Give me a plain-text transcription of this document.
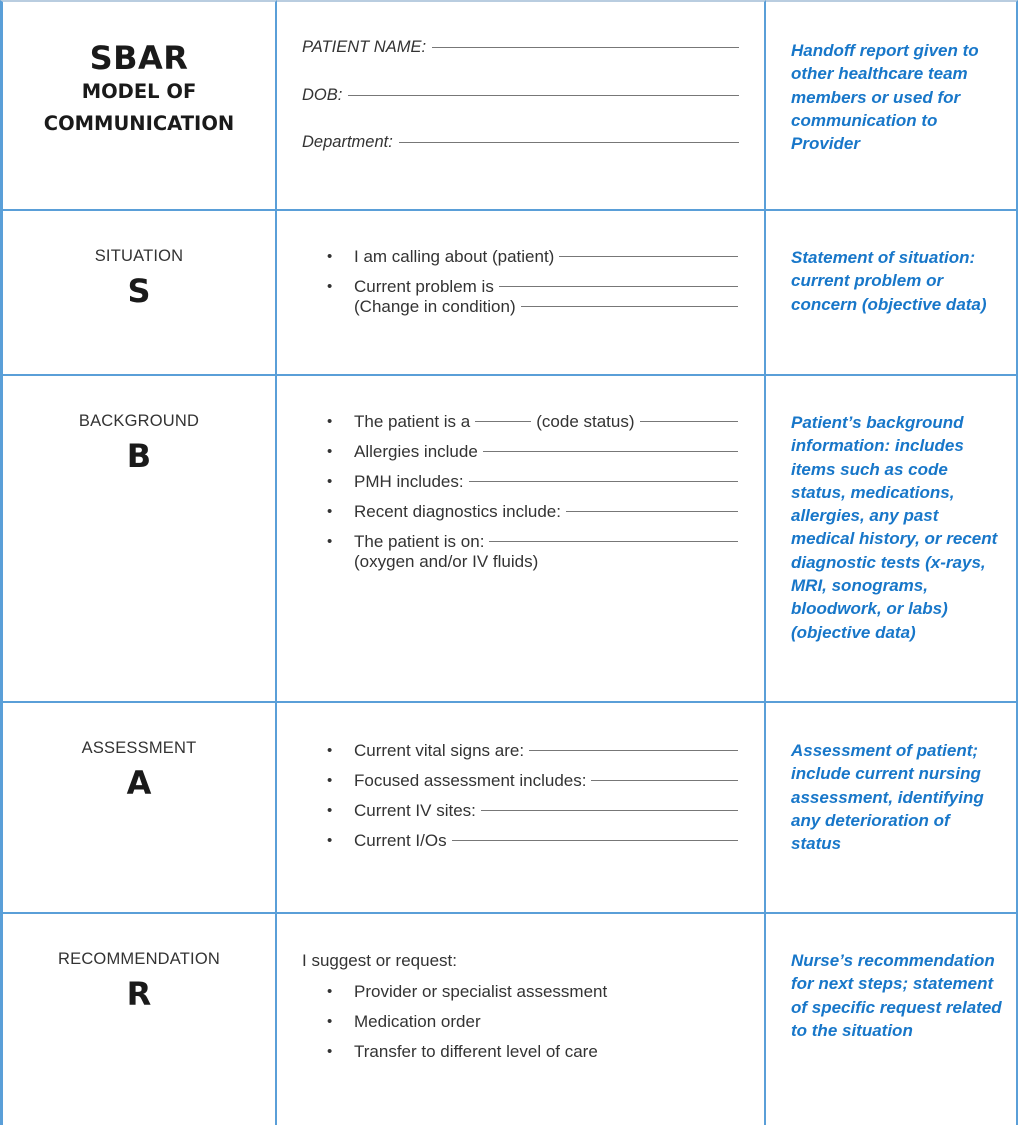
SBAR
MODEL OF
COMMUNICATION
PATIENT NAME:
DOB:
Department:
Handoff report given to other healthcare team members or used for communication to Provider
SITUATION
S
• I am calling about (patient)
• Current problem is
(Change in condition)
Statement of situation: current problem or concern (objective data)
BACKGROUND
B
• The patient is a	(code status)
• Allergies include
• PMH includes:
• Recent diagnostics include:
• The patient is on:
(oxygen and/or IV fluids)
Patient’s background information: includes items such as code status, medications, allergies, any past medical history, or recent diagnostic tests (x-rays, MRI, sonograms, bloodwork, or labs) (objective data)
ASSESSMENT
A
• Current vital signs are:
• Focused assessment includes:
• Current IV sites:
• Current I/Os
Assessment of patient; include current nursing assessment, identifying any deterioration of status
RECOMMENDATION
R
I suggest or request:
• Provider or specialist assessment
• Medication order
• Transfer to different level of care
Nurse’s recommendation for next steps; statement of specific request related to the situation
